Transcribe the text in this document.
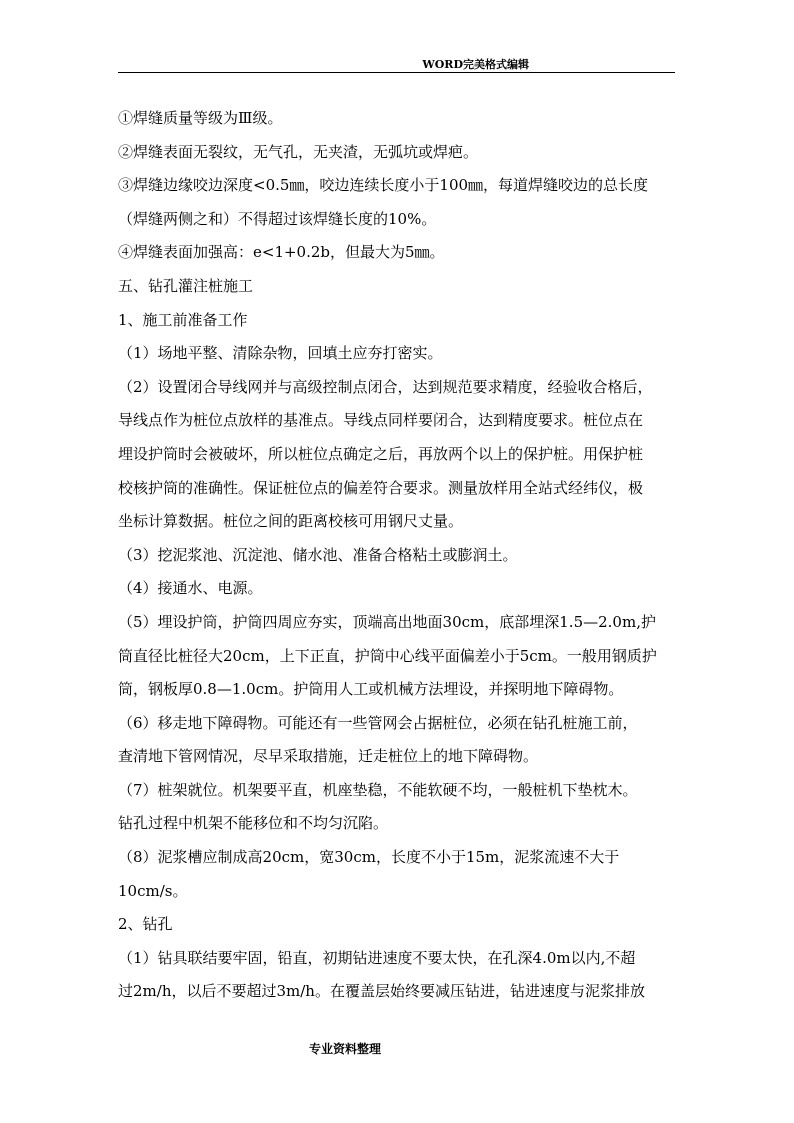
WORD完美格式编辑
①焊缝质量等级为Ⅲ级。
②焊缝表面无裂纹，无气孔，无夹渣，无弧坑或焊疤。
③焊缝边缘咬边深度<0.5㎜，咬边连续长度小于100㎜，每道焊缝咬边的总长度
（焊缝两侧之和）不得超过该焊缝长度的10%。
④焊缝表面加强高：e<1+0.2b，但最大为5㎜。
五、钻孔灌注桩施工
1、施工前准备工作
（1）场地平整、清除杂物，回填土应夯打密实。
（2）设置闭合导线网并与高级控制点闭合，达到规范要求精度，经验收合格后，
导线点作为桩位点放样的基准点。导线点同样要闭合，达到精度要求。桩位点在
埋设护筒时会被破坏，所以桩位点确定之后，再放两个以上的保护桩。用保护桩
校核护筒的准确性。保证桩位点的偏差符合要求。测量放样用全站式经纬仪，极
坐标计算数据。桩位之间的距离校核可用钢尺丈量。
（3）挖泥浆池、沉淀池、储水池、准备合格粘土或膨润土。
（4）接通水、电源。
（5）埋设护筒，护筒四周应夯实，顶端高出地面30cm，底部埋深1.5—2.0m,护
筒直径比桩径大20cm，上下正直，护筒中心线平面偏差小于5cm。一般用钢质护
筒，钢板厚0.8—1.0cm。护筒用人工或机械方法埋设，并探明地下障碍物。
（6）移走地下障碍物。可能还有一些管网会占据桩位，必须在钻孔桩施工前，
查清地下管网情况，尽早采取措施，迁走桩位上的地下障碍物。
（7）桩架就位。机架要平直，机座垫稳，不能软硬不均，一般桩机下垫枕木。
钻孔过程中机架不能移位和不均匀沉陷。
（8）泥浆槽应制成高20cm，宽30cm，长度不小于15m，泥浆流速不大于
10cm/s。
2、钻孔
（1）钻具联结要牢固，铅直，初期钻进速度不要太快，在孔深4.0m以内,不超
过2m/h，以后不要超过3m/h。在覆盖层始终要减压钻进，钻进速度与泥浆排放
专业资料整理
